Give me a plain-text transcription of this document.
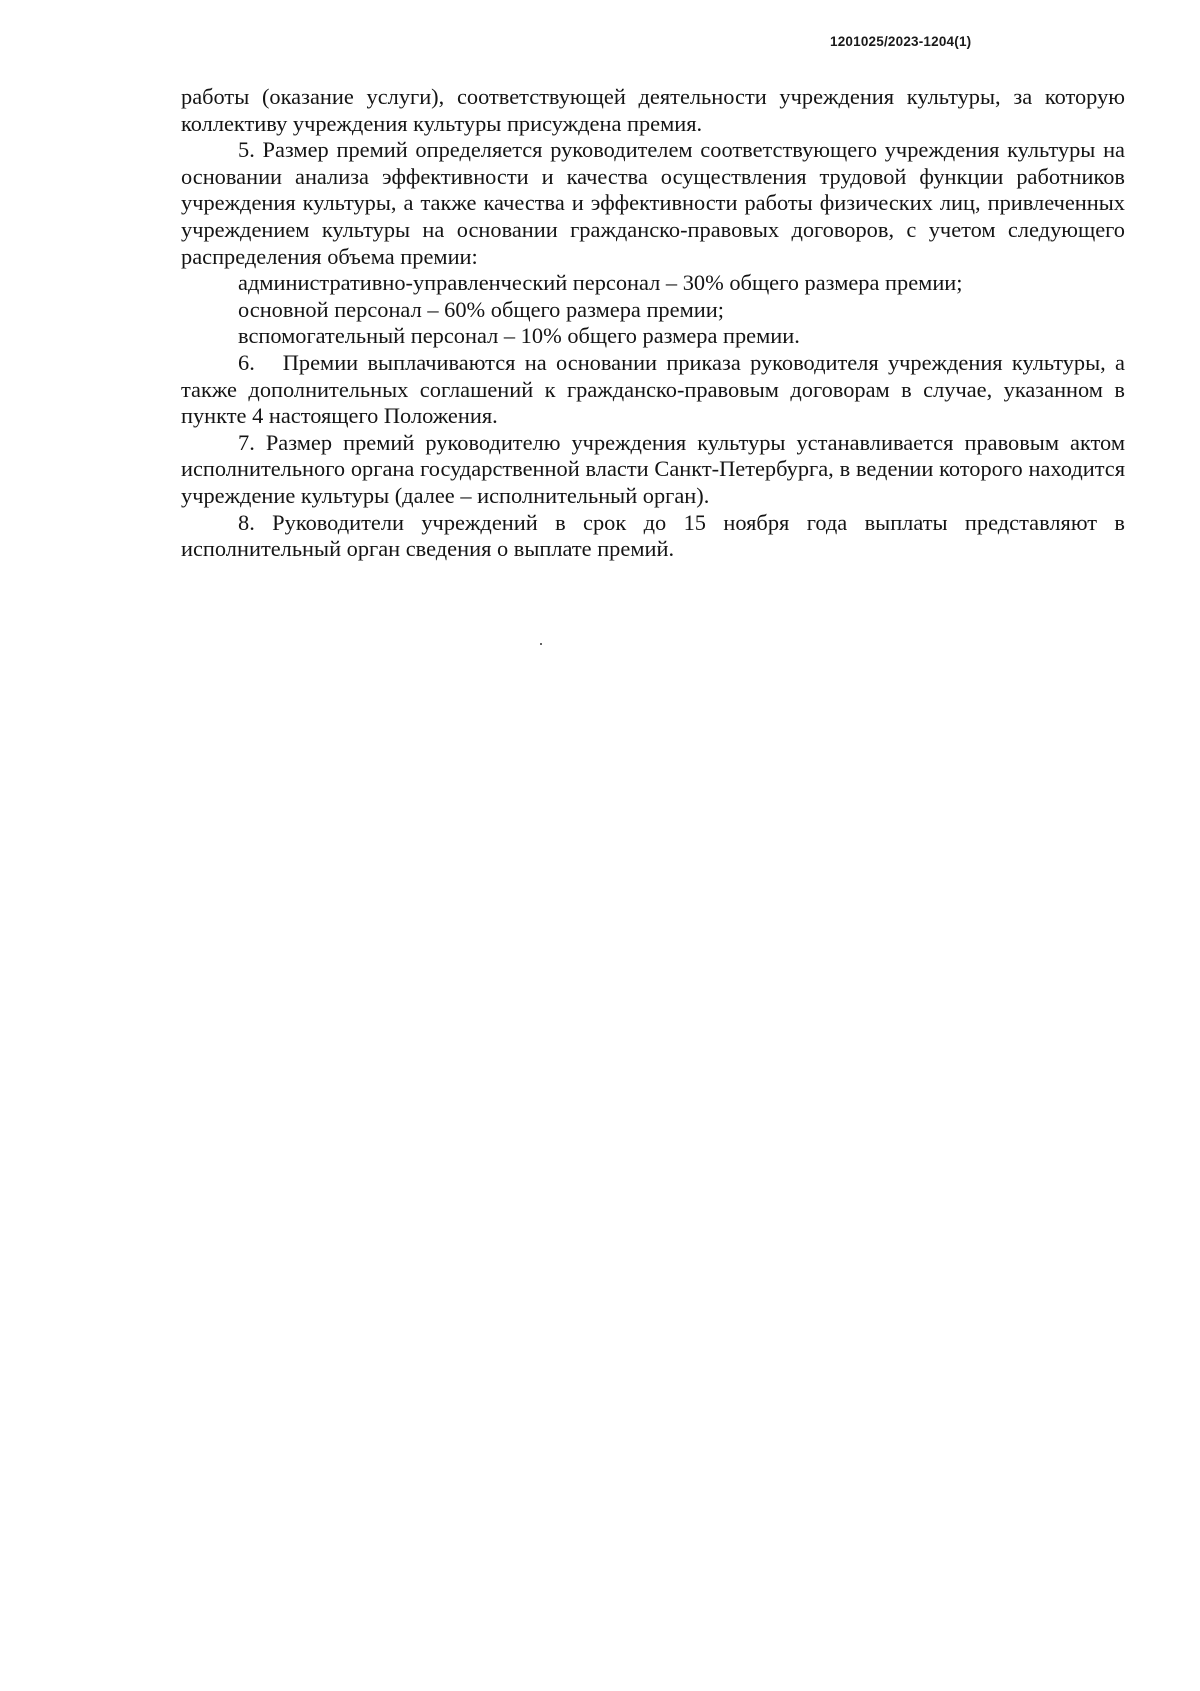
1201025/2023-1204(1)

работы (оказание услуги), соответствующей деятельности учреждения культуры, за которую коллективу учреждения культуры присуждена премия.

5. Размер премий определяется руководителем соответствующего учреждения культуры на основании анализа эффективности и качества осуществления трудовой функции работников учреждения культуры, а также качества и эффективности работы физических лиц, привлеченных учреждением культуры на основании гражданско-правовых договоров, с учетом следующего распределения объема премии:

административно-управленческий персонал – 30% общего размера премии;

основной персонал – 60% общего размера премии;

вспомогательный персонал – 10% общего размера премии.

6.   Премии выплачиваются на основании приказа руководителя учреждения культуры, а также дополнительных соглашений к гражданско-правовым договорам в случае, указанном в пункте 4 настоящего Положения.

7. Размер премий руководителю учреждения культуры устанавливается правовым актом исполнительного органа государственной власти Санкт-Петербурга, в ведении которого находится учреждение культуры (далее – исполнительный орган).

8. Руководители учреждений в срок до 15 ноября года выплаты представляют в исполнительный орган сведения о выплате премий.
